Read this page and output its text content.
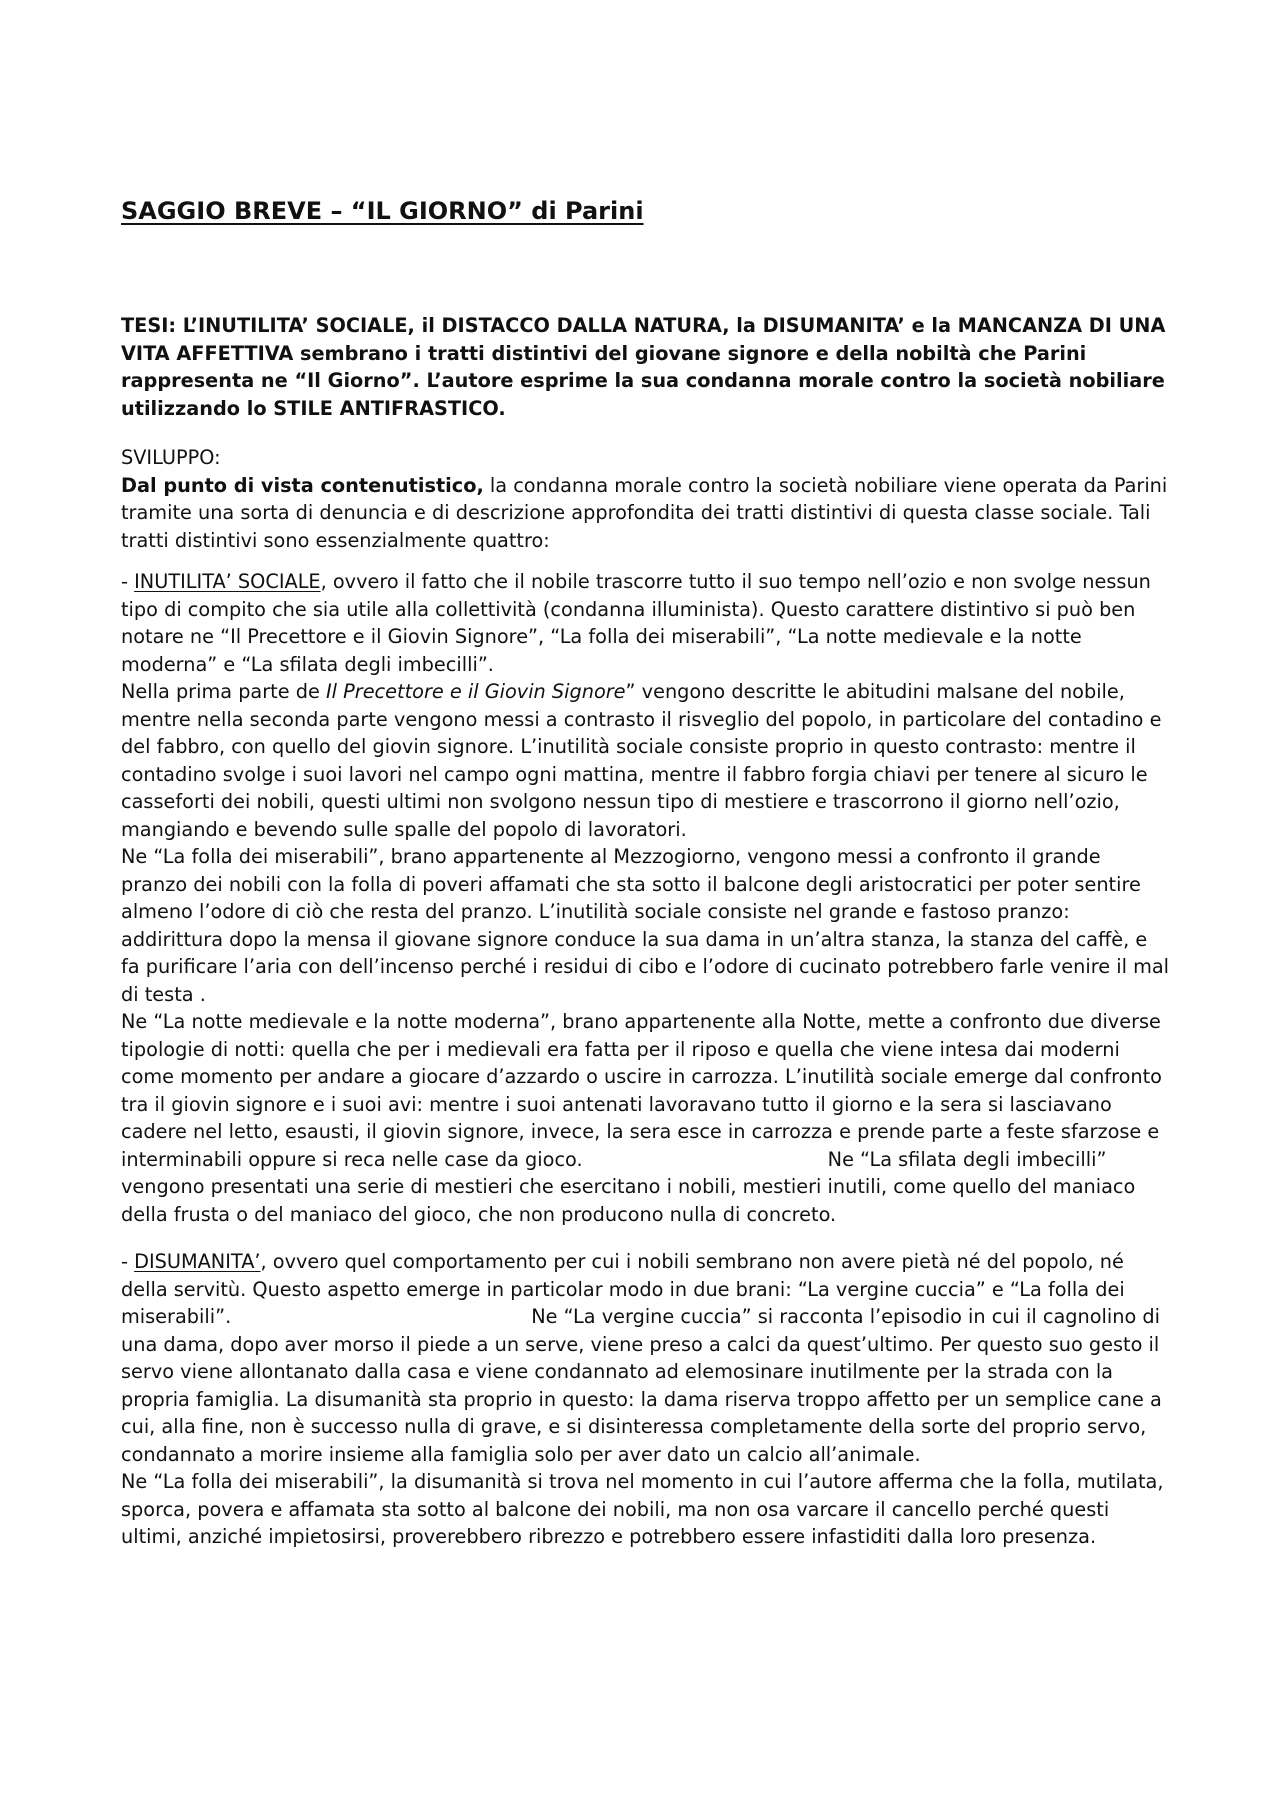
SAGGIO BREVE – “IL GIORNO” di Parini

TESI: L’INUTILITA’ SOCIALE, il DISTACCO DALLA NATURA, la DISUMANITA’ e la MANCANZA DI UNA VITA AFFETTIVA sembrano i tratti distintivi del giovane signore e della nobiltà che Parini rappresenta ne “Il Giorno”. L’autore esprime la sua condanna morale contro la società nobiliare utilizzando lo STILE ANTIFRASTICO.

SVILUPPO:

Dal punto di vista contenutistico, la condanna morale contro la società nobiliare viene operata da Parini tramite una sorta di denuncia e di descrizione approfondita dei tratti distintivi di questa classe sociale. Tali tratti distintivi sono essenzialmente quattro:

- INUTILITA’ SOCIALE, ovvero il fatto che il nobile trascorre tutto il suo tempo nell’ozio e non svolge nessun tipo di compito che sia utile alla collettività (condanna illuminista). Questo carattere distintivo si può ben notare ne “Il Precettore e il Giovin Signore”, “La folla dei miserabili”, “La notte medievale e la notte moderna” e “La sfilata degli imbecilli”.

Nella prima parte de Il Precettore e il Giovin Signore” vengono descritte le abitudini malsane del nobile, mentre nella seconda parte vengono messi a contrasto il risveglio del popolo, in particolare del contadino e del fabbro, con quello del giovin signore. L’inutilità sociale consiste proprio in questo contrasto: mentre il contadino svolge i suoi lavori nel campo ogni mattina, mentre il fabbro forgia chiavi per tenere al sicuro le casseforti dei nobili, questi ultimi non svolgono nessun tipo di mestiere e trascorrono il giorno nell’ozio, mangiando e bevendo sulle spalle del popolo di lavoratori.

Ne “La folla dei miserabili”, brano appartenente al Mezzogiorno, vengono messi a confronto il grande pranzo dei nobili con la folla di poveri affamati che sta sotto il balcone degli aristocratici per poter sentire almeno l’odore di ciò che resta del pranzo. L’inutilità sociale consiste nel grande e fastoso pranzo: addirittura dopo la mensa il giovane signore conduce la sua dama in un’altra stanza, la stanza del caffè, e fa purificare l’aria con dell’incenso perché i residui di cibo e l’odore di cucinato potrebbero farle venire il mal di testa .

Ne “La notte medievale e la notte moderna”, brano appartenente alla Notte, mette a confronto due diverse tipologie di notti: quella che per i medievali era fatta per il riposo e quella che viene intesa dai moderni come momento per andare a giocare d’azzardo o uscire in carrozza. L’inutilità sociale emerge dal confronto tra il giovin signore e i suoi avi: mentre i suoi antenati lavoravano tutto il giorno e la sera si lasciavano cadere nel letto, esausti, il giovin signore, invece, la sera esce in carrozza e prende parte a feste sfarzose e interminabili oppure si reca nelle case da gioco.	Ne “La sfilata degli imbecilli” vengono presentati una serie di mestieri che esercitano i nobili, mestieri inutili, come quello del maniaco della frusta o del maniaco del gioco, che non producono nulla di concreto.

- DISUMANITA’, ovvero quel comportamento per cui i nobili sembrano non avere pietà né del popolo, né della servitù. Questo aspetto emerge in particolar modo in due brani: “La vergine cuccia” e “La folla dei miserabili”.	Ne “La vergine cuccia” si racconta l’episodio in cui il cagnolino di una dama, dopo aver morso il piede a un serve, viene preso a calci da quest’ultimo. Per questo suo gesto il servo viene allontanato dalla casa e viene condannato ad elemosinare inutilmente per la strada con la propria famiglia. La disumanità sta proprio in questo: la dama riserva troppo affetto per un semplice cane a cui, alla fine, non è successo nulla di grave, e si disinteressa completamente della sorte del proprio servo, condannato a morire insieme alla famiglia solo per aver dato un calcio all’animale.

Ne “La folla dei miserabili”, la disumanità si trova nel momento in cui l’autore afferma che la folla, mutilata, sporca, povera e affamata sta sotto al balcone dei nobili, ma non osa varcare il cancello perché questi ultimi, anziché impietosirsi, proverebbero ribrezzo e potrebbero essere infastiditi dalla loro presenza.
